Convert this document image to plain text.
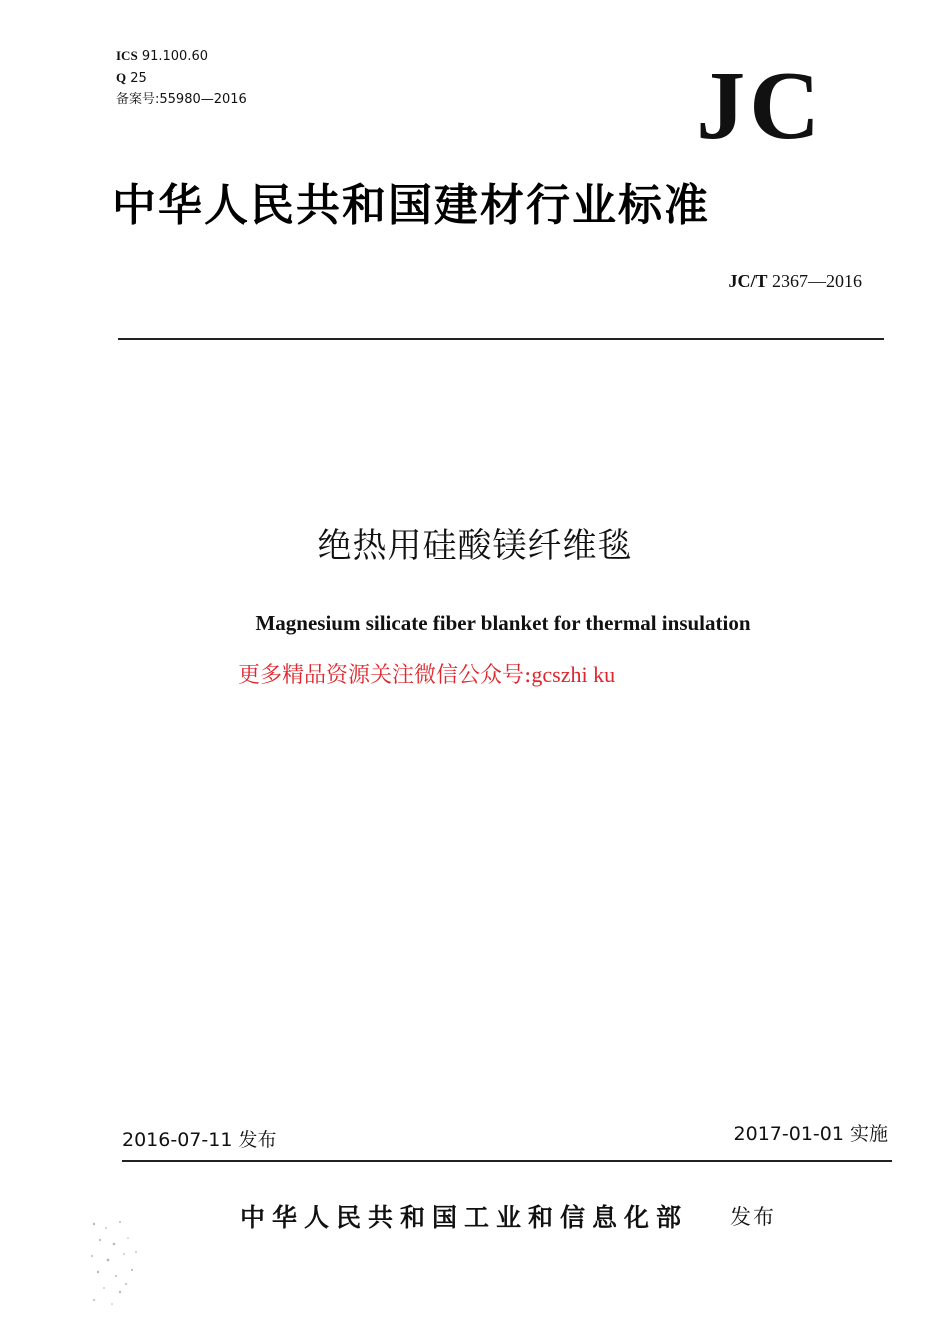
ICS 91.100.60
Q 25
备案号:55980—2016	JC
中华人民共和国建材行业标准
JC/T 2367—2016
绝热用硅酸镁纤维毯
Magnesium silicate fiber blanket for thermal insulation
更多精品资源关注微信公众号:gcszhi ku
2016-07-11 发布	2017-01-01 实施
中华人民共和国工业和信息化部 发布
